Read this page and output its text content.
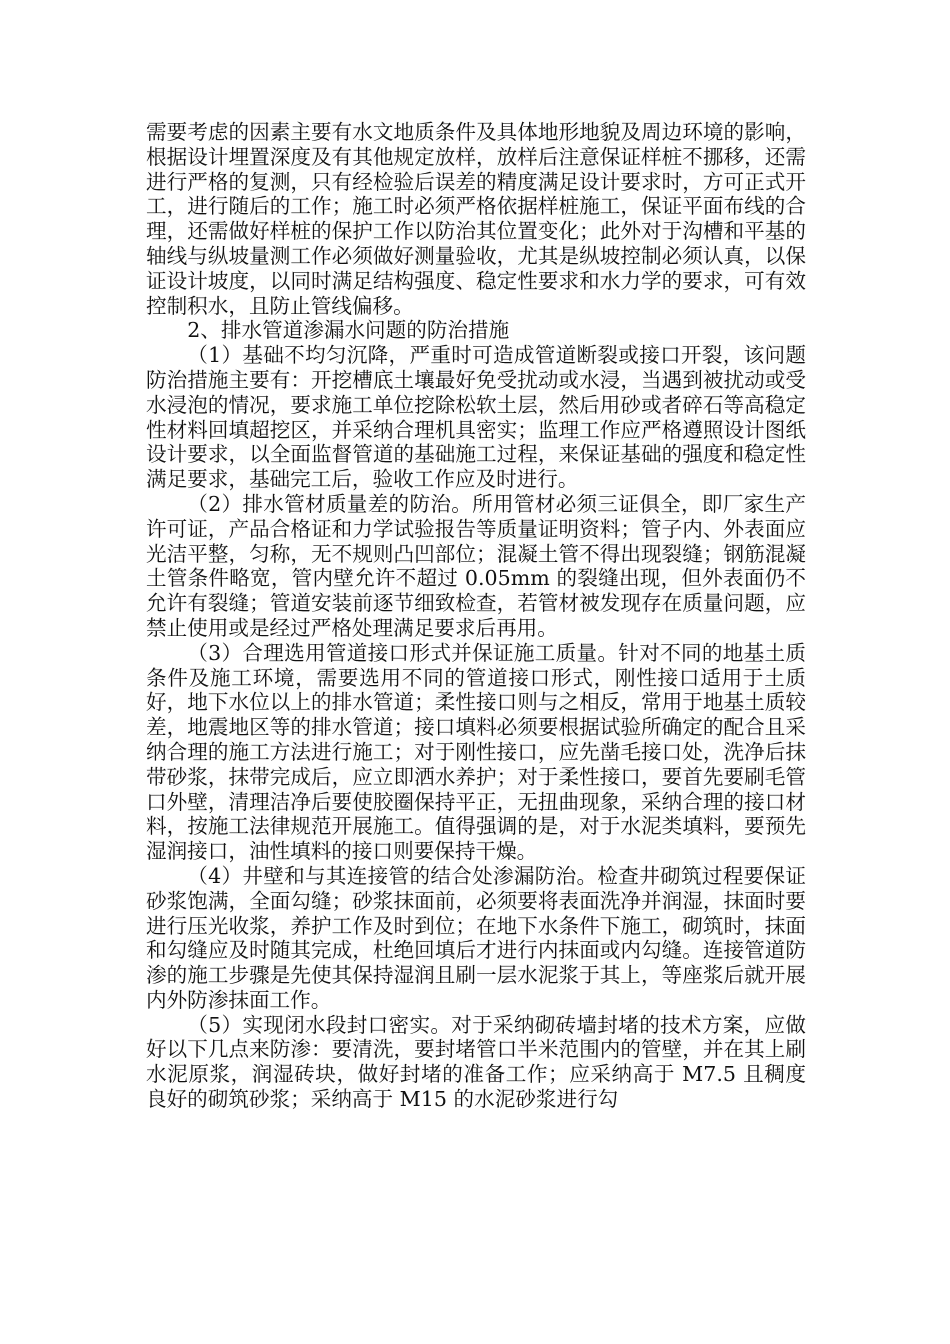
需要考虑的因素主要有水文地质条件及具体地形地貌及周边环境的影响，根据设计埋置深度及有其他规定放样，放样后注意保证样桩不挪移，还需进行严格的复测，只有经检验后误差的精度满足设计要求时，方可正式开工，进行随后的工作；施工时必须严格依据样桩施工，保证平面布线的合理，还需做好样桩的保护工作以防治其位置变化；此外对于沟槽和平基的轴线与纵坡量测工作必须做好测量验收，尤其是纵坡控制必须认真，以保证设计坡度，以同时满足结构强度、稳定性要求和水力学的要求，可有效控制积水，且防止管线偏移。

2、排水管道渗漏水问题的防治措施

（1）基础不均匀沉降，严重时可造成管道断裂或接口开裂，该问题防治措施主要有：开挖槽底土壤最好免受扰动或水浸，当遇到被扰动或受水浸泡的情况，要求施工单位挖除松软土层，然后用砂或者碎石等高稳定性材料回填超挖区，并采纳合理机具密实；监理工作应严格遵照设计图纸设计要求，以全面监督管道的基础施工过程，来保证基础的强度和稳定性满足要求，基础完工后，验收工作应及时进行。

（2）排水管材质量差的防治。所用管材必须三证俱全，即厂家生产许可证，产品合格证和力学试验报告等质量证明资料；管子内、外表面应光洁平整，匀称，无不规则凸凹部位；混凝土管不得出现裂缝；钢筋混凝土管条件略宽，管内壁允许不超过 0.05mm 的裂缝出现，但外表面仍不允许有裂缝；管道安装前逐节细致检查，若管材被发现存在质量问题，应禁止使用或是经过严格处理满足要求后再用。

（3）合理选用管道接口形式并保证施工质量。针对不同的地基土质条件及施工环境，需要选用不同的管道接口形式，刚性接口适用于土质好，地下水位以上的排水管道；柔性接口则与之相反，常用于地基土质较差，地震地区等的排水管道；接口填料必须要根据试验所确定的配合且采纳合理的施工方法进行施工；对于刚性接口，应先凿毛接口处，洗净后抹带砂浆，抹带完成后，应立即洒水养护；对于柔性接口，要首先要刷毛管口外壁，清理洁净后要使胶圈保持平正，无扭曲现象，采纳合理的接口材料，按施工法律规范开展施工。值得强调的是，对于水泥类填料，要预先湿润接口，油性填料的接口则要保持干燥。

（4）井壁和与其连接管的结合处渗漏防治。检查井砌筑过程要保证砂浆饱满，全面勾缝；砂浆抹面前，必须要将表面洗净并润湿，抹面时要进行压光收浆，养护工作及时到位；在地下水条件下施工，砌筑时，抹面和勾缝应及时随其完成，杜绝回填后才进行内抹面或内勾缝。连接管道防渗的施工步骤是先使其保持湿润且刷一层水泥浆于其上，等座浆后就开展内外防渗抹面工作。

（5）实现闭水段封口密实。对于采纳砌砖墙封堵的技术方案，应做好以下几点来防渗：要清洗，要封堵管口半米范围内的管壁，并在其上刷水泥原浆，润湿砖块，做好封堵的准备工作；应采纳高于 M7.5 且稠度良好的砌筑砂浆；采纳高于 M15 的水泥砂浆进行勾
